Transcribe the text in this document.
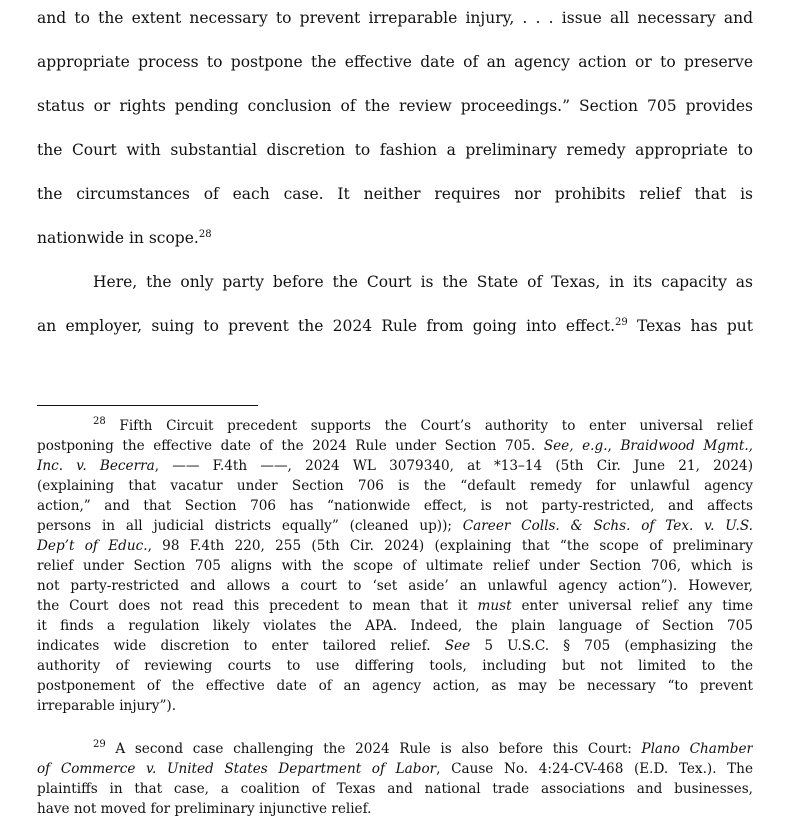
and to the extent necessary to prevent irreparable injury, . . . issue all necessary and
appropriate process to postpone the effective date of an agency action or to preserve
status or rights pending conclusion of the review proceedings.” Section 705 provides
the Court with substantial discretion to fashion a preliminary remedy appropriate to
the circumstances of each case. It neither requires nor prohibits relief that is
nationwide in scope.$^{28}$
Here, the only party before the Court is the State of Texas, in its capacity as
an employer, suing to prevent the 2024 Rule from going into effect.$^{29}$ Texas has put
$^{28}$ Fifth Circuit precedent supports the Court’s authority to enter universal relief
postponing the effective date of the 2024 Rule under Section 705. See, e.g., Braidwood Mgmt.,
Inc. v. Becerra, —— F.4th ——, 2024 WL 3079340, at *13–14 (5th Cir. June 21, 2024)
(explaining that vacatur under Section 706 is the “default remedy for unlawful agency
action,” and that Section 706 has “nationwide effect, is not party-restricted, and affects
persons in all judicial districts equally” (cleaned up)); Career Colls. & Schs. of Tex. v. U.S.
Dep’t of Educ., 98 F.4th 220, 255 (5th Cir. 2024) (explaining that “the scope of preliminary
relief under Section 705 aligns with the scope of ultimate relief under Section 706, which is
not party-restricted and allows a court to ‘set aside’ an unlawful agency action”). However,
the Court does not read this precedent to mean that it must enter universal relief any time
it finds a regulation likely violates the APA. Indeed, the plain language of Section 705
indicates wide discretion to enter tailored relief. See 5 U.S.C. § 705 (emphasizing the
authority of reviewing courts to use differing tools, including but not limited to the
postponement of the effective date of an agency action, as may be necessary “to prevent
irreparable injury”).
$^{29}$ A second case challenging the 2024 Rule is also before this Court: Plano Chamber
of Commerce v. United States Department of Labor, Cause No. 4:24-CV-468 (E.D. Tex.). The
plaintiffs in that case, a coalition of Texas and national trade associations and businesses,
have not moved for preliminary injunctive relief.
